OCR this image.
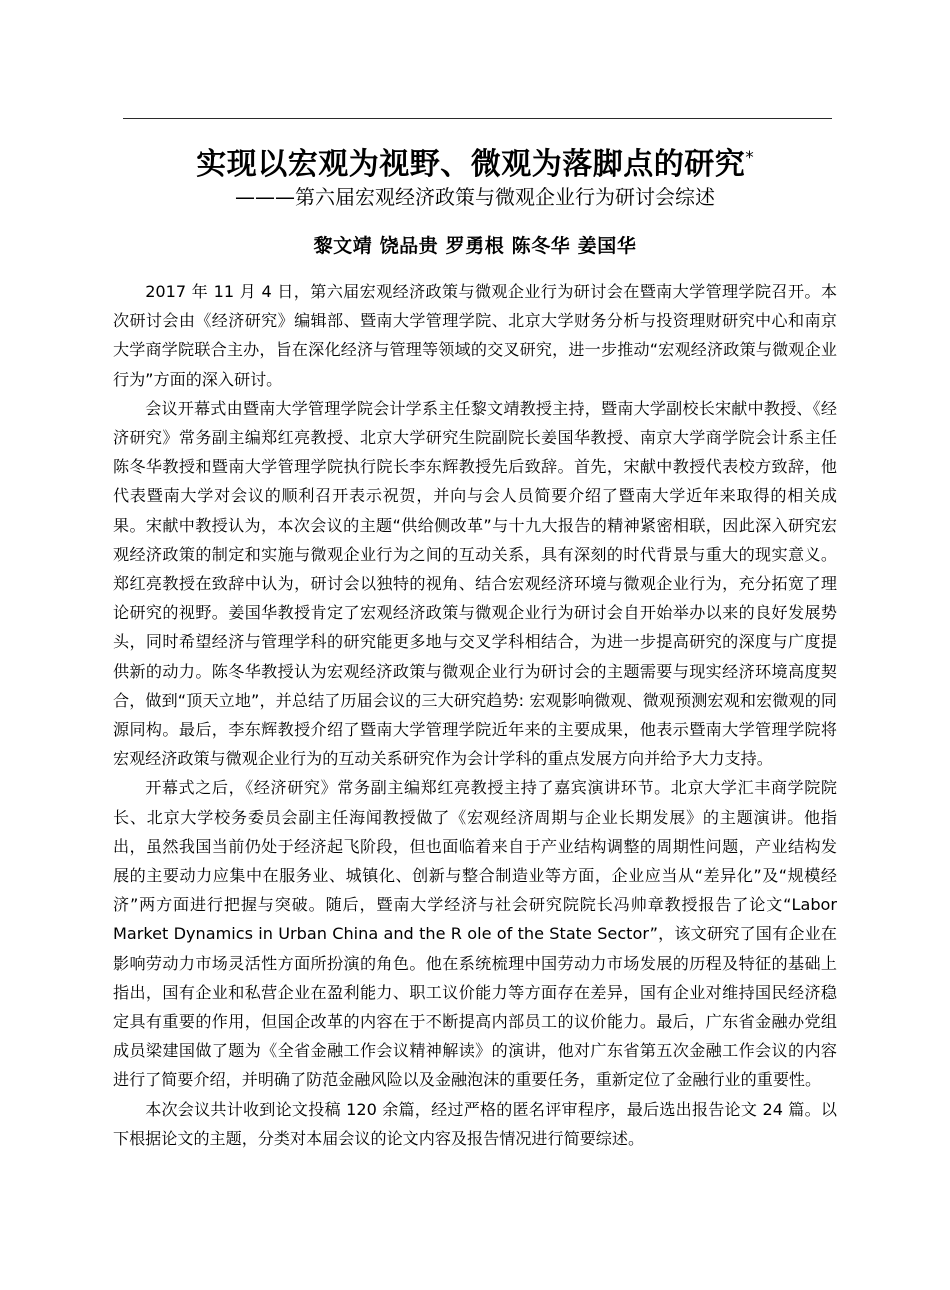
实现以宏观为视野、微观为落脚点的研究*
———第六届宏观经济政策与微观企业行为研讨会综述
黎文靖 饶品贵 罗勇根 陈冬华 姜国华

2017 年 11 月 4 日，第六届宏观经济政策与微观企业行为研讨会在暨南大学管理学院召开。本次研讨会由《经济研究》编辑部、暨南大学管理学院、北京大学财务分析与投资理财研究中心和南京大学商学院联合主办，旨在深化经济与管理等领域的交叉研究，进一步推动“宏观经济政策与微观企业行为”方面的深入研讨。

会议开幕式由暨南大学管理学院会计学系主任黎文靖教授主持，暨南大学副校长宋献中教授、《经济研究》常务副主编郑红亮教授、北京大学研究生院副院长姜国华教授、南京大学商学院会计系主任陈冬华教授和暨南大学管理学院执行院长李东辉教授先后致辞。首先，宋献中教授代表校方致辞，他代表暨南大学对会议的顺利召开表示祝贺，并向与会人员简要介绍了暨南大学近年来取得的相关成果。宋献中教授认为，本次会议的主题“供给侧改革”与十九大报告的精神紧密相联，因此深入研究宏观经济政策的制定和实施与微观企业行为之间的互动关系，具有深刻的时代背景与重大的现实意义。郑红亮教授在致辞中认为，研讨会以独特的视角、结合宏观经济环境与微观企业行为，充分拓宽了理论研究的视野。姜国华教授肯定了宏观经济政策与微观企业行为研讨会自开始举办以来的良好发展势头，同时希望经济与管理学科的研究能更多地与交叉学科相结合，为进一步提高研究的深度与广度提供新的动力。陈冬华教授认为宏观经济政策与微观企业行为研讨会的主题需要与现实经济环境高度契合，做到“顶天立地”，并总结了历届会议的三大研究趋势: 宏观影响微观、微观预测宏观和宏微观的同源同构。最后，李东辉教授介绍了暨南大学管理学院近年来的主要成果，他表示暨南大学管理学院将宏观经济政策与微观企业行为的互动关系研究作为会计学科的重点发展方向并给予大力支持。

开幕式之后，《经济研究》常务副主编郑红亮教授主持了嘉宾演讲环节。北京大学汇丰商学院院长、北京大学校务委员会副主任海闻教授做了《宏观经济周期与企业长期发展》的主题演讲。他指出，虽然我国当前仍处于经济起飞阶段，但也面临着来自于产业结构调整的周期性问题，产业结构发展的主要动力应集中在服务业、城镇化、创新与整合制造业等方面，企业应当从“差异化”及“规模经济”两方面进行把握与突破。随后，暨南大学经济与社会研究院院长冯帅章教授报告了论文“Labor Market Dynamics in Urban China and the R ole of the State Sector”，该文研究了国有企业在影响劳动力市场灵活性方面所扮演的角色。他在系统梳理中国劳动力市场发展的历程及特征的基础上指出，国有企业和私营企业在盈利能力、职工议价能力等方面存在差异，国有企业对维持国民经济稳定具有重要的作用，但国企改革的内容在于不断提高内部员工的议价能力。最后，广东省金融办党组成员梁建国做了题为《全省金融工作会议精神解读》的演讲，他对广东省第五次金融工作会议的内容进行了简要介绍，并明确了防范金融风险以及金融泡沫的重要任务，重新定位了金融行业的重要性。

本次会议共计收到论文投稿 120 余篇，经过严格的匿名评审程序，最后选出报告论文 24 篇。以下根据论文的主题，分类对本届会议的论文内容及报告情况进行简要综述。
